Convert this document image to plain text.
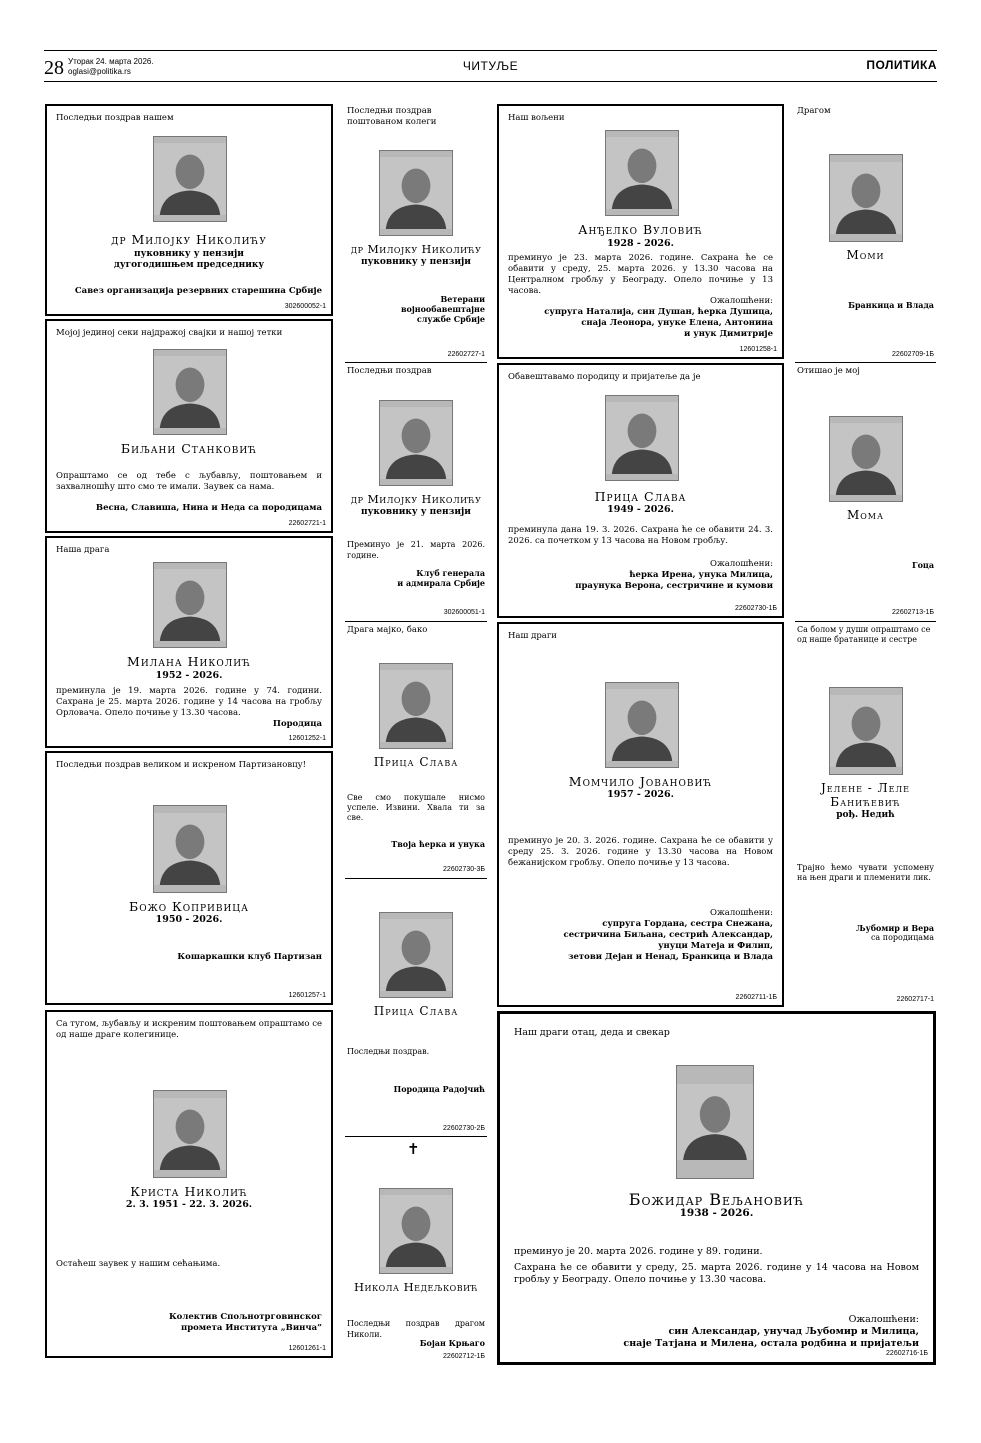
28 Уторак 24. марта 2026.
oglasi@politika.rs	ЧИТУЉЕ	ПОЛИТИКА
Последњи поздрав нашем
др Милојку Николићу
пуковнику у пензији
дугогодишњем председнику
Савез организација резервних старешина Србије
302600052-1
Мојој јединој секи најдражој свајки и нашој тетки
Биљани Станковић
Опраштамо се од тебе с љубављу, поштовањем и захвалношћу што смо те имали. Заувек са нама.
Весна, Славиша, Нина и Неда са породицама
22602721-1
Наша драга
Милана Николић
1952 - 2026.
преминула је 19. марта 2026. године у 74. години. Сахрана је 25. марта 2026. године у 14 часова на гробљу Орловача. Опело почиње у 13.30 часова.
Породица
12601252-1
Последњи поздрав великом и искреном Партизановцу!
Божо Копривица
1950 - 2026.
Кошаркашки клуб Партизан
12601257-1
Са тугом, љубављу и искреним поштовањем опраштамо се од наше драге колегинице.
Криста Николић
2. 3. 1951 - 22. 3. 2026.
Остаћеш заувек у нашим сећањима.
Колектив Спољнотрговинског
промета Института „Винча”
12601261-1
Последњи поздрав поштованом колеги
др Милојку Николићу
пуковнику у пензији
Ветерани
војнообавештајне
службе Србије
22602727-1
Последњи поздрав
др Милојку Николићу
пуковнику у пензији
Преминуо је 21. марта 2026. године.
Клуб генерала
и адмирала Србије
302600051-1
Драга мајко, бако
Прица Слава
Све смо покушале нисмо успеле. Извини. Хвала ти за све.
Твоја ћерка и унука
22602730-3Б
Прица Слава
Последњи поздрав.
Породица Радојчић
22602730-2Б
✝
Никола Недељковић
Последњи поздрав драгом Николи.
Бојан Крњаго
22602712-1Б
Наш вољени
Анђелко Вуловић
1928 - 2026.
преминуо је 23. марта 2026. године. Сахрана ће се обавити у среду, 25. марта 2026. у 13.30 часова на Централном гробљу у Београду. Опело почиње у 13 часова.
Ожалошћени:
супруга Наталија, син Душан, ћерка Душица,
снаја Леонора, унуке Елена, Антонина
и унук Димитрије
12601258-1
Обавештавамо породицу и пријатеље да је
Прица Слава
1949 - 2026.
преминула дана 19. 3. 2026. Сахрана ће се обавити 24. 3. 2026. са почетком у 13 часова на Новом гробљу.
Ожалошћени:
ћерка Ирена, унука Милица,
праунука Верона, сестричине и кумови
22602730-1Б
Наш драги
Момчило Јовановић
1957 - 2026.
преминуо је 20. 3. 2026. године. Сахрана ће се обавити у среду 25. 3. 2026. године у 13.30 часова на Новом бежанијском гробљу. Опело почиње у 13 часова.
Ожалошћени:
супруга Гордана, сестра Снежана,
сестричина Биљана, сестрић Александар,
унуци Матеја и Филип,
зетови Дејан и Ненад, Бранкица и Влада
22602711-1Б
Наш драги отац, деда и свекар
Божидар Вељановић
1938 - 2026.
преминуо је 20. марта 2026. године у 89. години.
Сахрана ће се обавити у среду, 25. марта 2026. године у 14 часова на Новом гробљу у Београду. Опело почиње у 13.30 часова.
Ожалошћени:
син Александар, унучад Љубомир и Милица,
снаје Татјана и Милена, остала родбина и пријатељи
22602716-1Б
Драгом
Моми
Бранкица и Влада
22602709-1Б
Отишао је мој
Мома
Гоца
22602713-1Б
Са болом у души опраштамо се од наше братанице и сестре
Јелене - Леле
Банићевић
рођ. Недић
Трајно ћемо чувати успомену на њен драги и племенити лик.
Љубомир и Вера
са породицама
22602717-1
